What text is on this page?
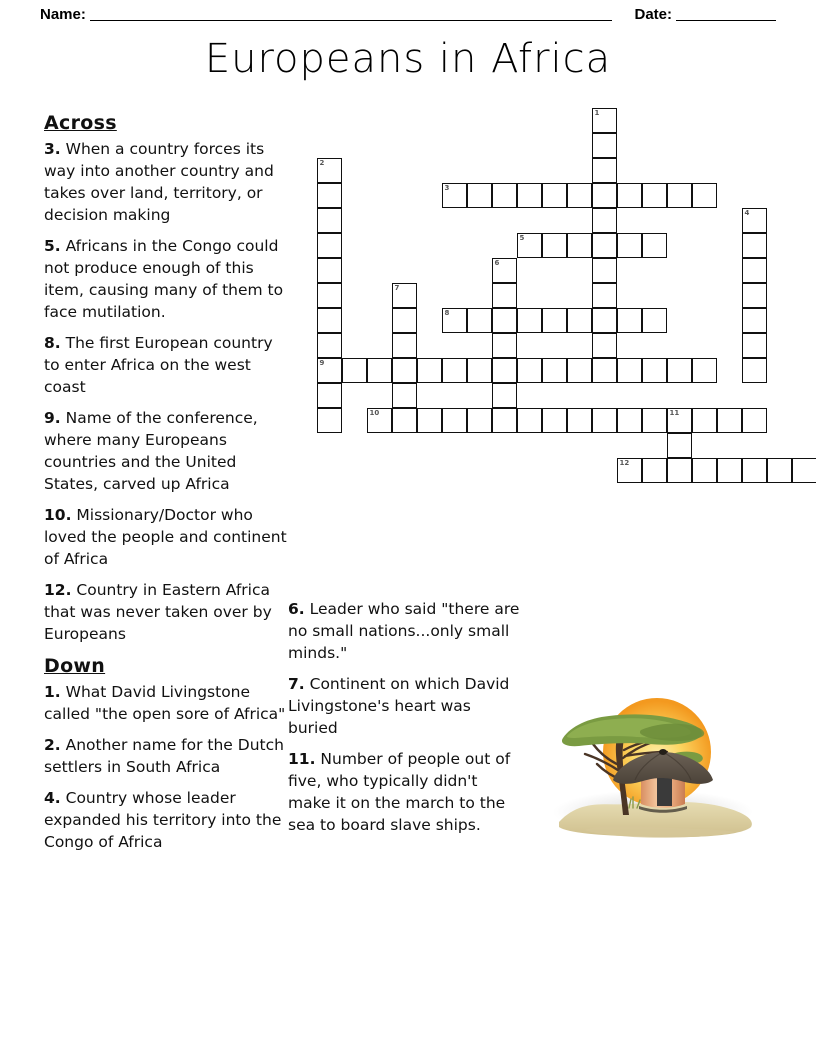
Name:	Date:
Europeans in Africa
Across

3. When a country forces its way into another country and takes over land, territory, or decision making

5. Africans in the Congo could not produce enough of this item, causing many of them to face mutilation.

8. The first European country to enter Africa on the west coast

9. Name of the conference, where many Europeans countries and the United States, carved up Africa

10. Missionary/Doctor who loved the people and continent of Africa

12. Country in Eastern Africa that was never taken over by Europeans

Down

1. What David Livingstone called "the open sore of Africa"

2. Another name for the Dutch settlers in South Africa

4. Country whose leader expanded his territory into the Congo of Africa

6. Leader who said "there are no small nations...only small minds."

7. Continent on which David Livingstone's heart was buried

11. Number of people out of five, who typically didn't make it on the march to the sea to board slave ships.

1
2
3
4
5
6
7
8
9
10	11
12
